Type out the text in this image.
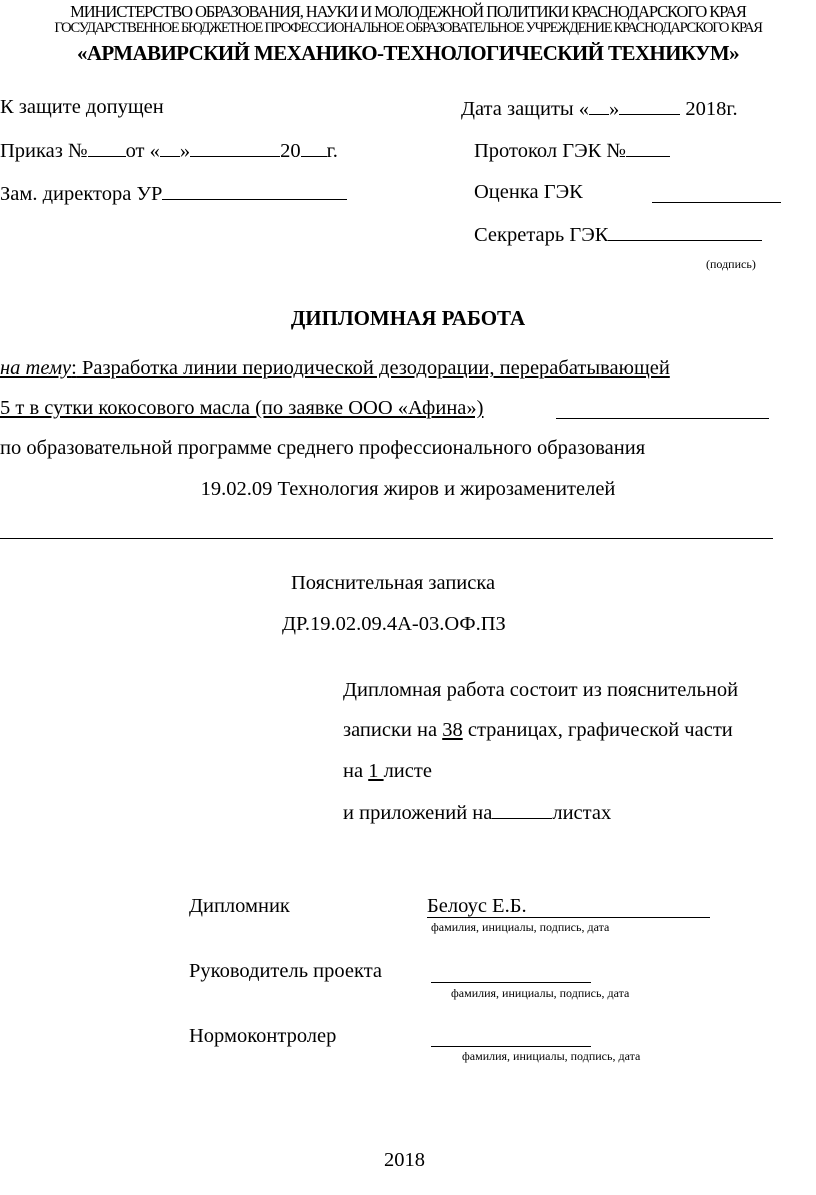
МИНИСТЕРСТВО ОБРАЗОВАНИЯ, НАУКИ И МОЛОДЕЖНОЙ ПОЛИТИКИ КРАСНОДАРСКОГО КРАЯ
ГОСУДАРСТВЕННОЕ БЮДЖЕТНОЕ ПРОФЕССИОНАЛЬНОЕ ОБРАЗОВАТЕЛЬНОЕ УЧРЕЖДЕНИЕ КРАСНОДАРСКОГО КРАЯ
«АРМАВИРСКИЙ МЕХАНИКО-ТЕХНОЛОГИЧЕСКИЙ ТЕХНИКУМ»
К защите допущен
Приказ № от « »	20 г.
Зам. директора УР
Дата защиты « »	2018г.
Протокол ГЭК №
Оценка ГЭК
Секретарь ГЭК
(подпись)
ДИПЛОМНАЯ РАБОТА
на тему: Разработка линии периодической дезодорации, перерабатывающей
5 т в сутки кокосового масла (по заявке ООО «Афина»)
по образовательной программе среднего профессионального образования
19.02.09 Технология жиров и жирозаменителей
Пояснительная записка
ДР.19.02.09.4А-03.ОФ.ПЗ
Дипломная работа состоит из пояснительной
записки на 38 страницах, графической части
на 1 листе
и приложений на	листах
Дипломник	Белоус Е.Б.
фамилия, инициалы, подпись, дата
Руководитель проекта
фамилия, инициалы, подпись, дата
Нормоконтролер
фамилия, инициалы, подпись, дата
2018
